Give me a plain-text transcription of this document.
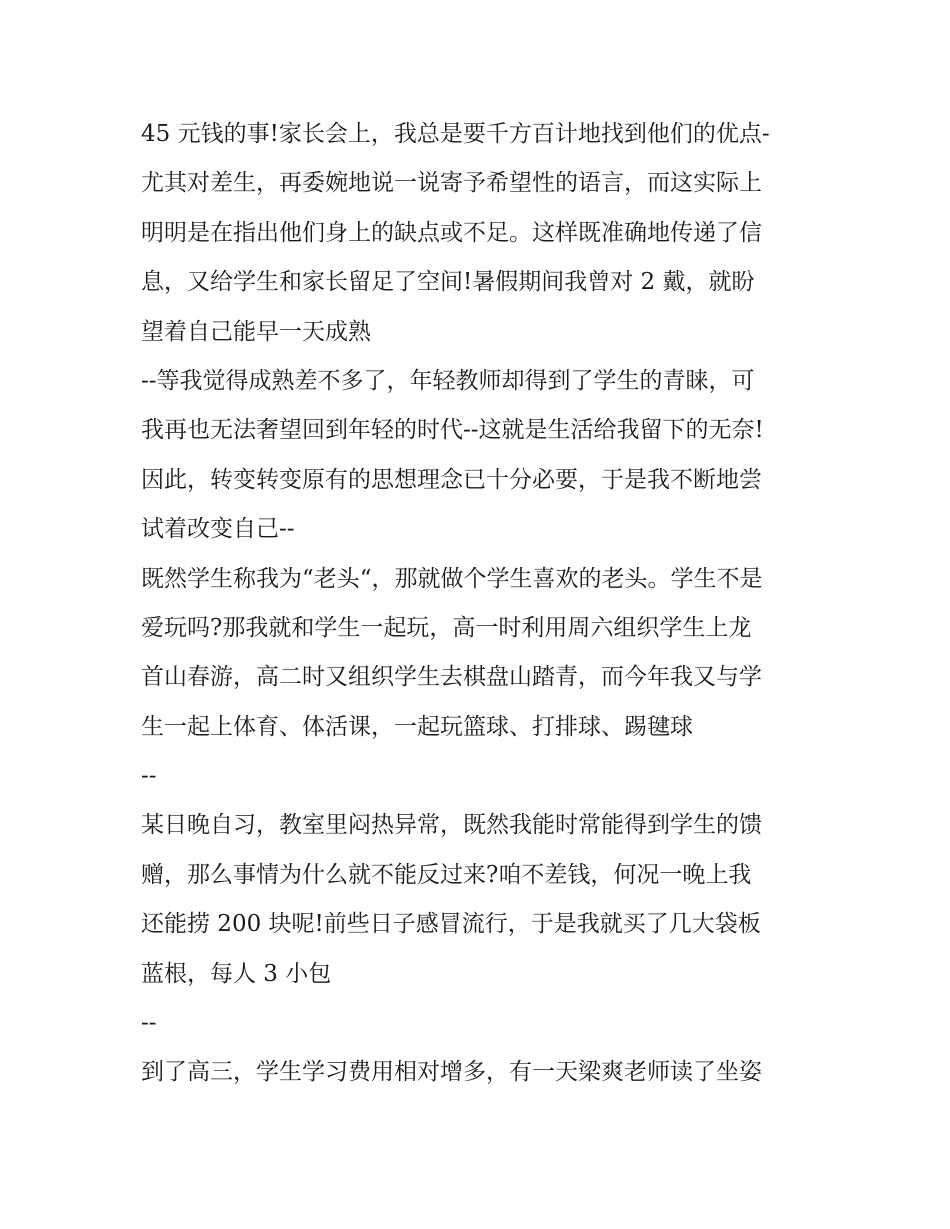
45 元钱的事!家长会上，我总是要千方百计地找到他们的优点-
尤其对差生，再委婉地说一说寄予希望性的语言，而这实际上
明明是在指出他们身上的缺点或不足。这样既准确地传递了信
息，又给学生和家长留足了空间!暑假期间我曾对 2 戴，就盼
望着自己能早一天成熟
--等我觉得成熟差不多了，年轻教师却得到了学生的青睐，可
我再也无法奢望回到年轻的时代--这就是生活给我留下的无奈!
因此，转变转变原有的思想理念已十分必要，于是我不断地尝
试着改变自己--
既然学生称我为“老头“，那就做个学生喜欢的老头。学生不是
爱玩吗?那我就和学生一起玩，高一时利用周六组织学生上龙
首山春游，高二时又组织学生去棋盘山踏青，而今年我又与学
生一起上体育、体活课，一起玩篮球、打排球、踢毽球
--
某日晚自习，教室里闷热异常，既然我能时常能得到学生的馈
赠，那么事情为什么就不能反过来?咱不差钱，何况一晚上我
还能捞 200 块呢!前些日子感冒流行，于是我就买了几大袋板
蓝根，每人 3 小包
--
到了高三，学生学习费用相对增多，有一天梁爽老师读了坐姿
